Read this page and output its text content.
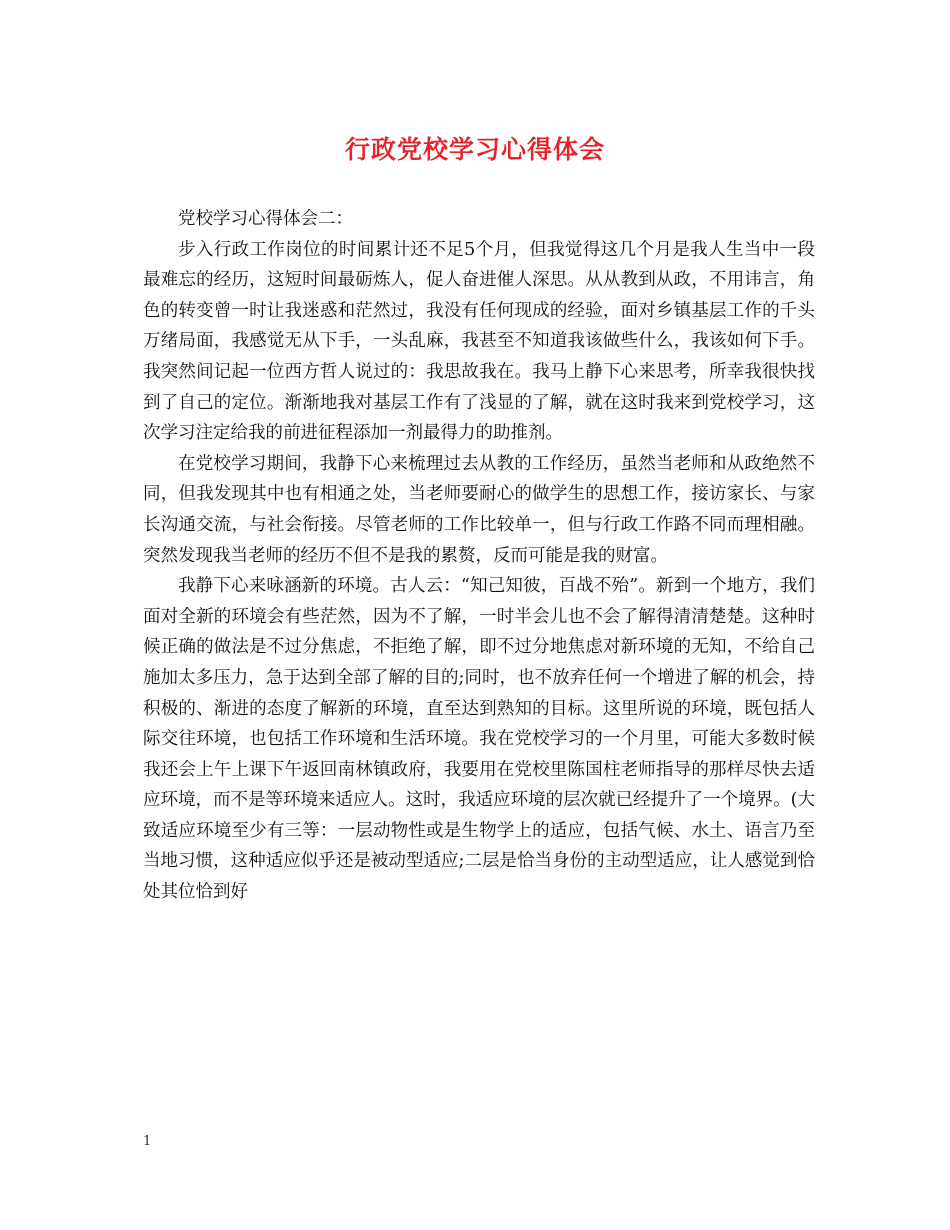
行政党校学习心得体会

党校学习心得体会二：

步入行政工作岗位的时间累计还不足5个月，但我觉得这几个月是我人生当中一段最难忘的经历，这短时间最砺炼人，促人奋进催人深思。从从教到从政，不用讳言，角色的转变曾一时让我迷惑和茫然过，我没有任何现成的经验，面对乡镇基层工作的千头万绪局面，我感觉无从下手，一头乱麻，我甚至不知道我该做些什么，我该如何下手。我突然间记起一位西方哲人说过的：我思故我在。我马上静下心来思考，所幸我很快找到了自己的定位。渐渐地我对基层工作有了浅显的了解，就在这时我来到党校学习，这次学习注定给我的前进征程添加一剂最得力的助推剂。

在党校学习期间，我静下心来梳理过去从教的工作经历，虽然当老师和从政绝然不同，但我发现其中也有相通之处，当老师要耐心的做学生的思想工作，接访家长、与家长沟通交流，与社会衔接。尽管老师的工作比较单一，但与行政工作路不同而理相融。突然发现我当老师的经历不但不是我的累赘，反而可能是我的财富。

我静下心来咏涵新的环境。古人云：“知己知彼，百战不殆”。新到一个地方，我们面对全新的环境会有些茫然，因为不了解，一时半会儿也不会了解得清清楚楚。这种时候正确的做法是不过分焦虑，不拒绝了解，即不过分地焦虑对新环境的无知，不给自己施加太多压力，急于达到全部了解的目的;同时，也不放弃任何一个增进了解的机会，持积极的、渐进的态度了解新的环境，直至达到熟知的目标。这里所说的环境，既包括人际交往环境，也包括工作环境和生活环境。我在党校学习的一个月里，可能大多数时候我还会上午上课下午返回南林镇政府，我要用在党校里陈国柱老师指导的那样尽快去适应环境，而不是等环境来适应人。这时，我适应环境的层次就已经提升了一个境界。(大致适应环境至少有三等：一层动物性或是生物学上的适应，包括气候、水土、语言乃至当地习惯，这种适应似乎还是被动型适应;二层是恰当身份的主动型适应，让人感觉到恰处其位恰到好

1
